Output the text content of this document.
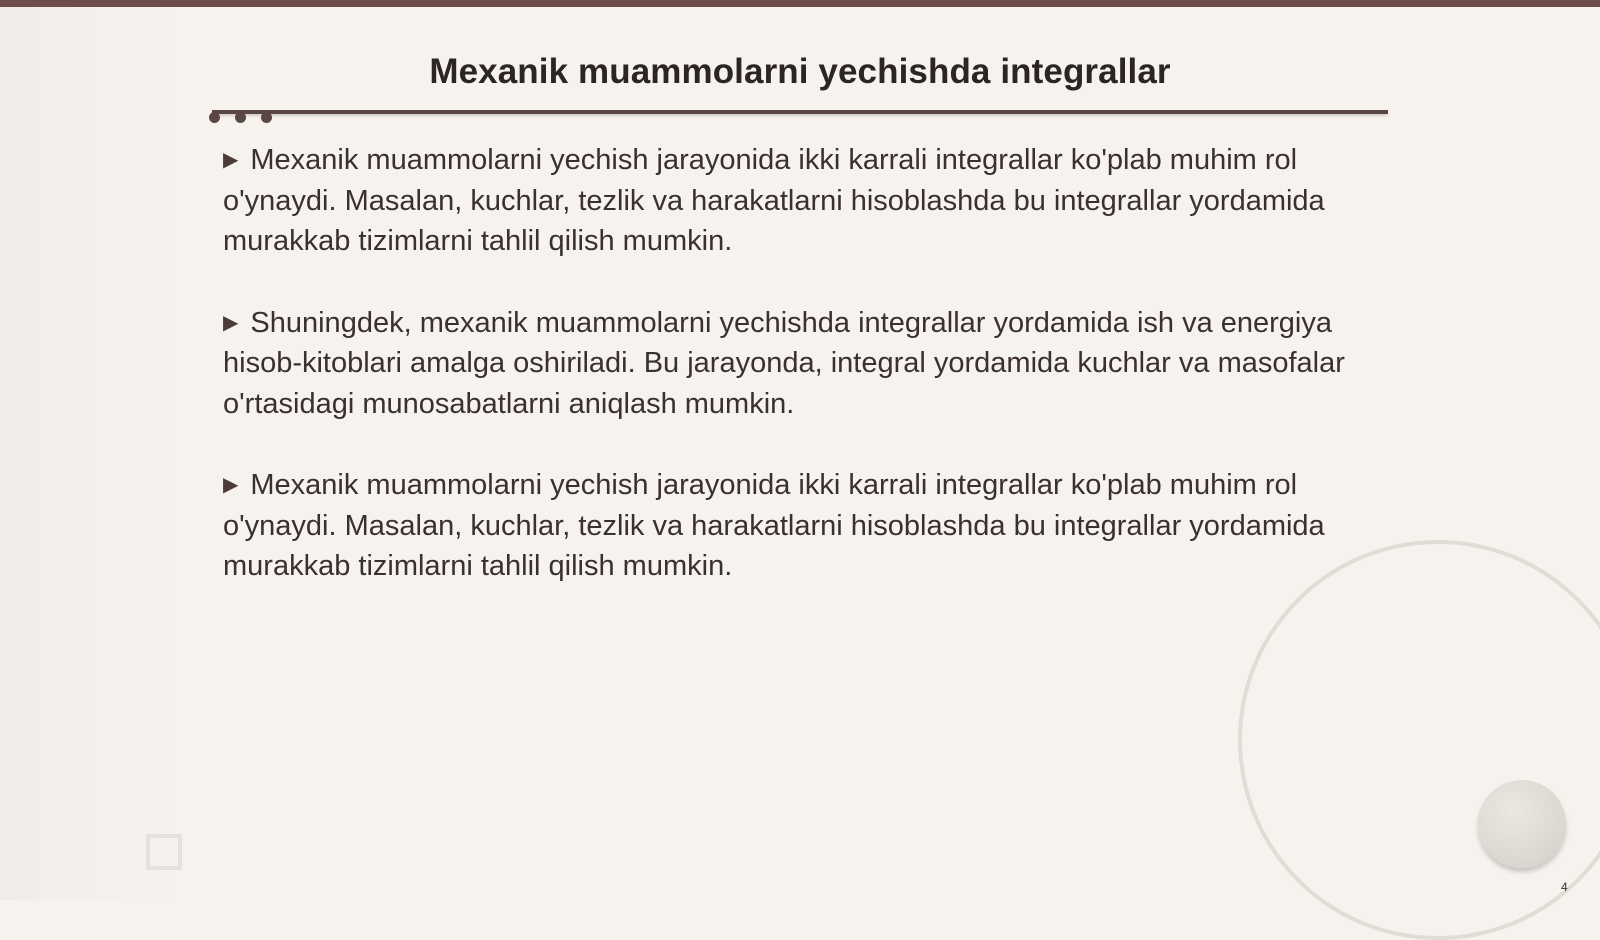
Mexanik muammolarni yechishda integrallar

▶ Mexanik muammolarni yechish jarayonida ikki karrali integrallar ko'plab muhim rol o'ynaydi. Masalan, kuchlar, tezlik va harakatlarni hisoblashda bu integrallar yordamida murakkab tizimlarni tahlil qilish mumkin.

▶ Shuningdek, mexanik muammolarni yechishda integrallar yordamida ish va energiya hisob-kitoblari amalga oshiriladi. Bu jarayonda, integral yordamida kuchlar va masofalar o'rtasidagi munosabatlarni aniqlash mumkin.

▶ Mexanik muammolarni yechish jarayonida ikki karrali integrallar ko'plab muhim rol o'ynaydi. Masalan, kuchlar, tezlik va harakatlarni hisoblashda bu integrallar yordamida murakkab tizimlarni tahlil qilish mumkin.

4
